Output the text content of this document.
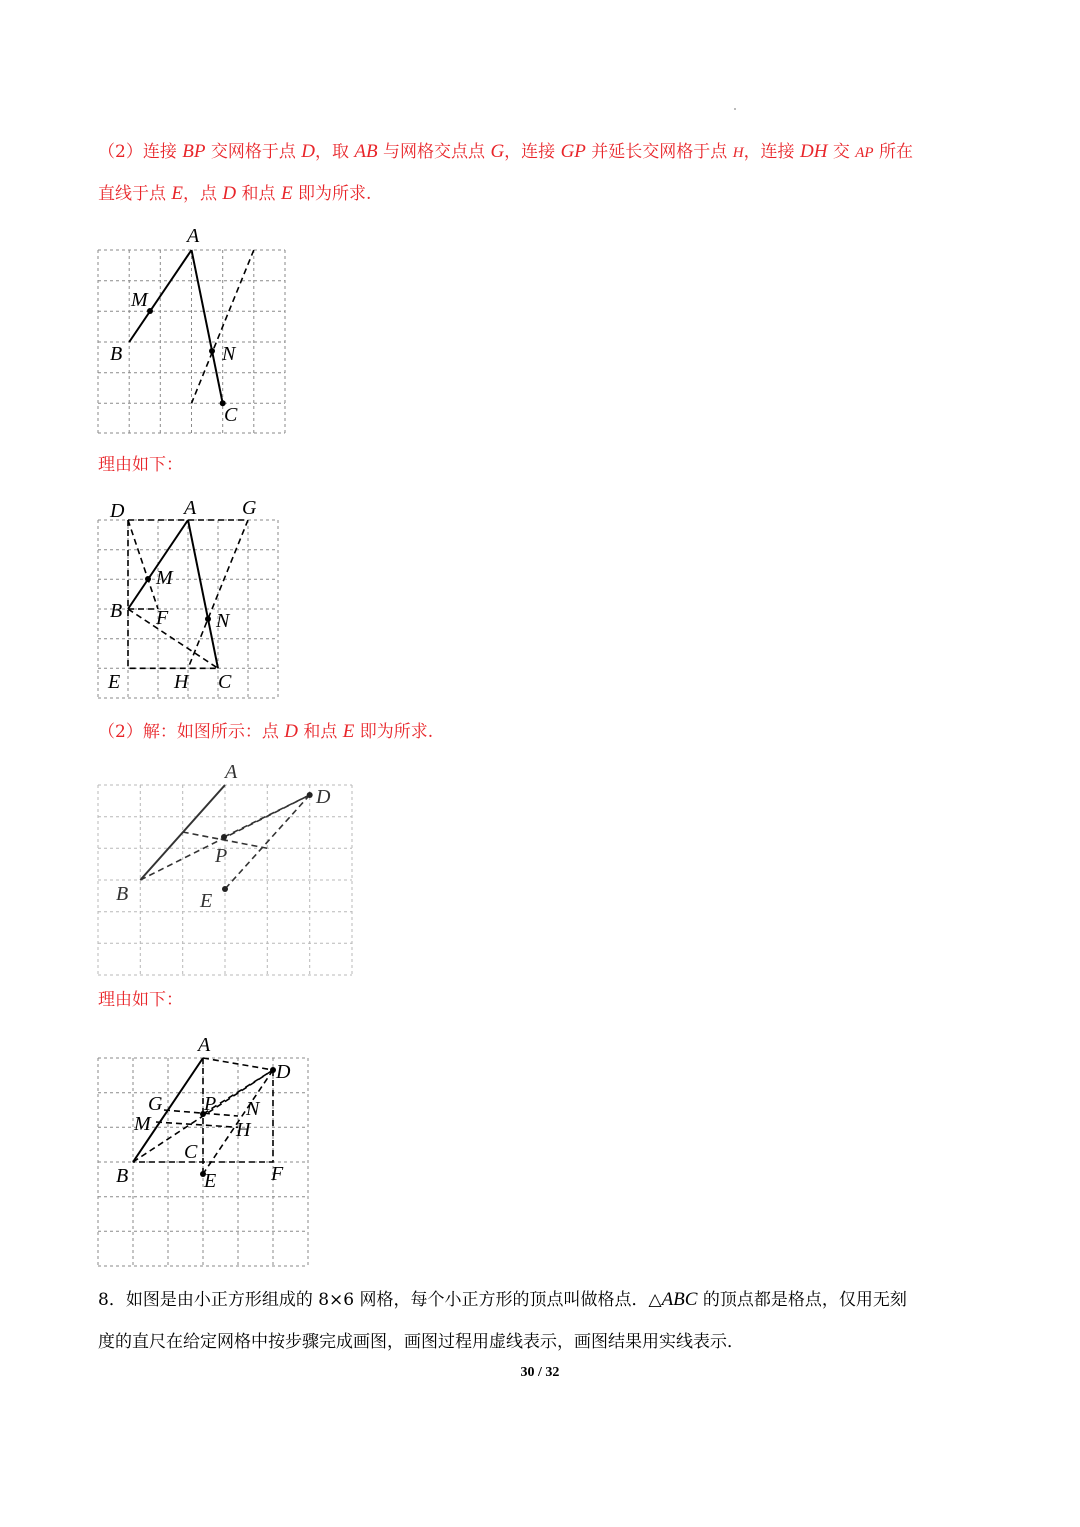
（2）连接 BP 交网格于点 D，取 AB 与网格交点点 G，连接 GP 并延长交网格于点 H，连接 DH 交 AP 所在
直线于点 E，点 D 和点 E 即为所求.
A
M
B	N
C
理由如下：
D	A G
M
B F N
E	H C
（2）解：如图所示：点 D 和点 E 即为所求.
A
D
P
B	E
理由如下：
A
D
G P N
M	H
C
B	E	F
8．如图是由小正方形组成的 8×6 网格，每个小正方形的顶点叫做格点．△ABC 的顶点都是格点，仅用无刻
度的直尺在给定网格中按步骤完成画图，画图过程用虚线表示，画图结果用实线表示．
30 / 32
